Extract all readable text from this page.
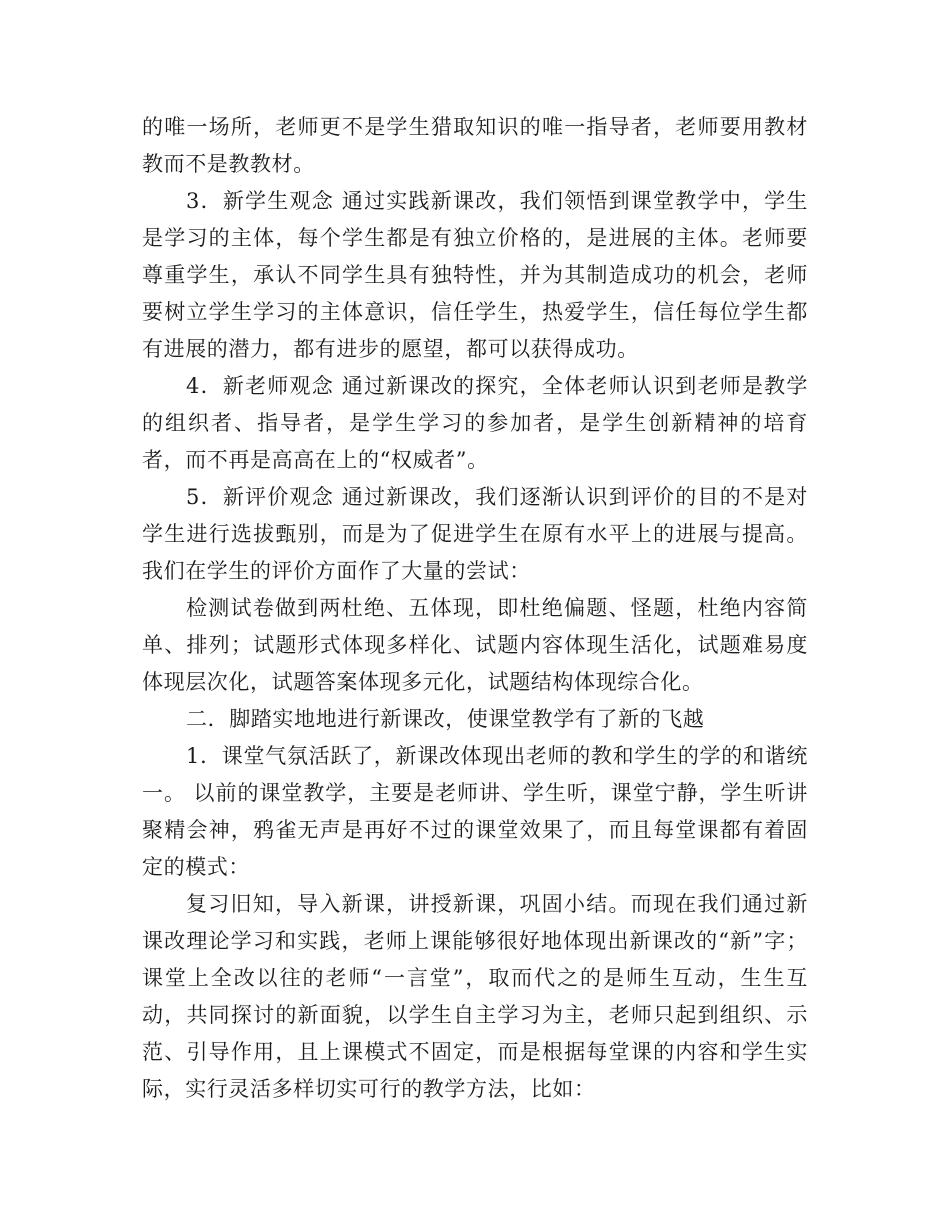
的唯一场所，老师更不是学生猎取知识的唯一指导者，老师要用教材教而不是教教材。

3．新学生观念 通过实践新课改，我们领悟到课堂教学中，学生是学习的主体，每个学生都是有独立价格的，是进展的主体。老师要尊重学生，承认不同学生具有独特性，并为其制造成功的机会，老师要树立学生学习的主体意识，信任学生，热爱学生，信任每位学生都有进展的潜力，都有进步的愿望，都可以获得成功。

4．新老师观念 通过新课改的探究，全体老师认识到老师是教学的组织者、指导者，是学生学习的参加者，是学生创新精神的培育者，而不再是高高在上的“权威者”。

5．新评价观念 通过新课改，我们逐渐认识到评价的目的不是对学生进行选拔甄别，而是为了促进学生在原有水平上的进展与提高。我们在学生的评价方面作了大量的尝试：

检测试卷做到两杜绝、五体现，即杜绝偏题、怪题，杜绝内容简单、排列；试题形式体现多样化、试题内容体现生活化，试题难易度体现层次化，试题答案体现多元化，试题结构体现综合化。

二．脚踏实地地进行新课改，使课堂教学有了新的飞越

1．课堂气氛活跃了，新课改体现出老师的教和学生的学的和谐统一。 以前的课堂教学，主要是老师讲、学生听，课堂宁静，学生听讲聚精会神，鸦雀无声是再好不过的课堂效果了，而且每堂课都有着固定的模式：

复习旧知，导入新课，讲授新课，巩固小结。而现在我们通过新课改理论学习和实践，老师上课能够很好地体现出新课改的“新”字；课堂上全改以往的老师“一言堂”，取而代之的是师生互动，生生互动，共同探讨的新面貌，以学生自主学习为主，老师只起到组织、示范、引导作用，且上课模式不固定，而是根据每堂课的内容和学生实际，实行灵活多样切实可行的教学方法，比如：
